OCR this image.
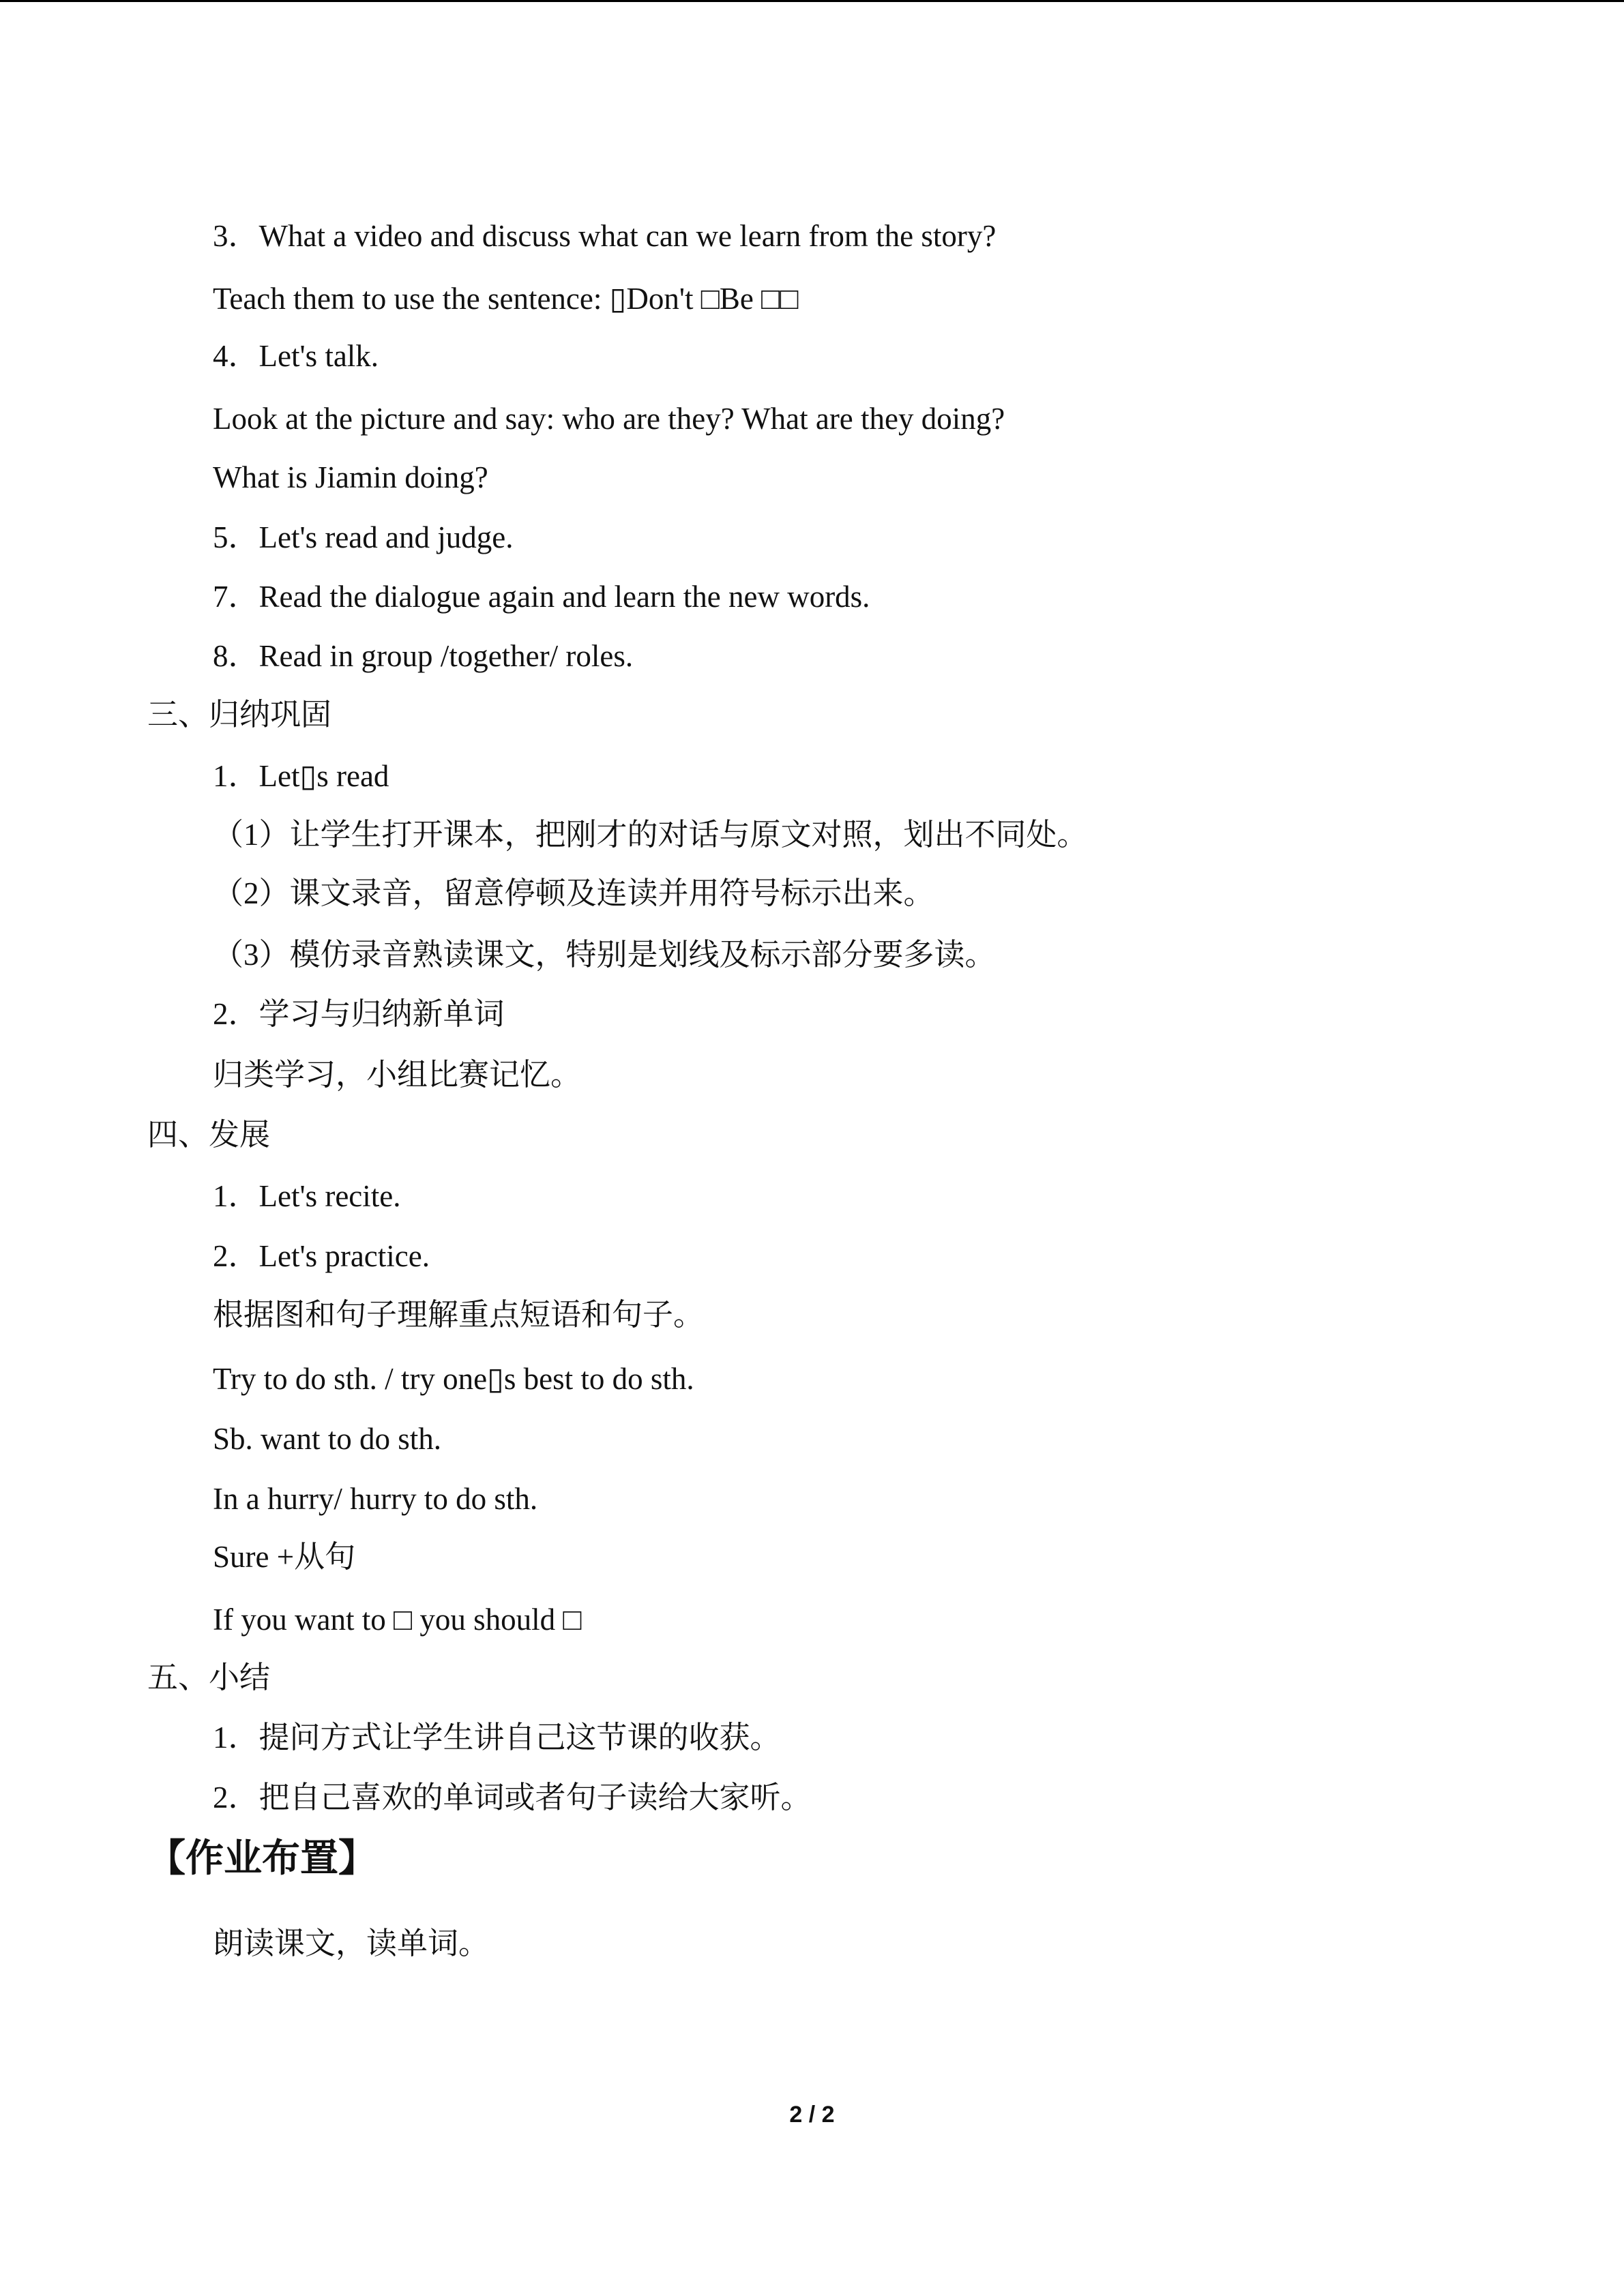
3．What a video and discuss what can we learn from the story?
Teach them to use the sentence: ▯Don't □Be □□
4．Let's talk.
Look at the picture and say: who are they? What are they doing?
What is Jiamin doing?
5．Let's read and judge.
7．Read the dialogue again and learn the new words.
8．Read in group /together/ roles.
三、归纳巩固
1．Let▯s read
（1）让学生打开课本，把刚才的对话与原文对照，划出不同处。
（2）课文录音，留意停顿及连读并用符号标示出来。
（3）模仿录音熟读课文，特别是划线及标示部分要多读。
2．学习与归纳新单词
归类学习，小组比赛记忆。
四、发展
1．Let's recite.
2．Let's practice.
根据图和句子理解重点短语和句子。
Try to do sth. / try one▯s best to do sth.
Sb. want to do sth.
In a hurry/ hurry to do sth.
Sure +从句
If you want to □ you should □
五、小结
1．提问方式让学生讲自己这节课的收获。
2．把自己喜欢的单词或者句子读给大家听。
【作业布置】
朗读课文，读单词。
2 / 2
